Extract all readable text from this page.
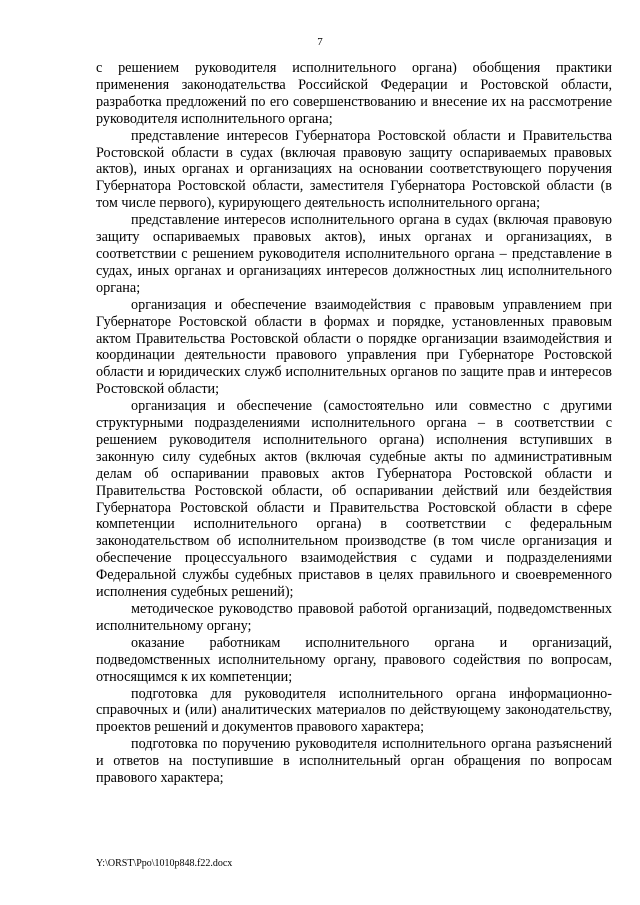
7

с решением руководителя исполнительного органа) обобщения практики применения законодательства Российской Федерации и Ростовской области, разработка предложений по его совершенствованию и внесение их на рассмотрение руководителя исполнительного органа;

представление интересов Губернатора Ростовской области и Правительства Ростовской области в судах (включая правовую защиту оспариваемых правовых актов), иных органах и организациях на основании соответствующего поручения Губернатора Ростовской области, заместителя Губернатора Ростовской области (в том числе первого), курирующего деятельность исполнительного органа;

представление интересов исполнительного органа в судах (включая правовую защиту оспариваемых правовых актов), иных органах и организациях, в соответствии с решением руководителя исполнительного органа – представление в судах, иных органах и организациях интересов должностных лиц исполнительного органа;

организация и обеспечение взаимодействия с правовым управлением при Губернаторе Ростовской области в формах и порядке, установленных правовым актом Правительства Ростовской области о порядке организации взаимодействия и координации деятельности правового управления при Губернаторе Ростовской области и юридических служб исполнительных органов по защите прав и интересов Ростовской области;

организация и обеспечение (самостоятельно или совместно с другими структурными подразделениями исполнительного органа – в соответствии с решением руководителя исполнительного органа) исполнения вступивших в законную силу судебных актов (включая судебные акты по административным делам об оспаривании правовых актов Губернатора Ростовской области и Правительства Ростовской области, об оспаривании действий или бездействия Губернатора Ростовской области и Правительства Ростовской области в сфере компетенции исполнительного органа) в соответствии с федеральным законодательством об исполнительном производстве (в том числе организация и обеспечение процессуального взаимодействия с судами и подразделениями Федеральной службы судебных приставов в целях правильного и своевременного исполнения судебных решений);

методическое руководство правовой работой организаций, подведомственных исполнительному органу;

оказание работникам исполнительного органа и организаций, подведомственных исполнительному органу, правового содействия по вопросам, относящимся к их компетенции;

подготовка для руководителя исполнительного органа информационно-справочных и (или) аналитических материалов по действующему законодательству, проектов решений и документов правового характера;

подготовка по поручению руководителя исполнительного органа разъяснений и ответов на поступившие в исполнительный орган обращения по вопросам правового характера;

Y:\ORST\Ppo\1010p848.f22.docx
